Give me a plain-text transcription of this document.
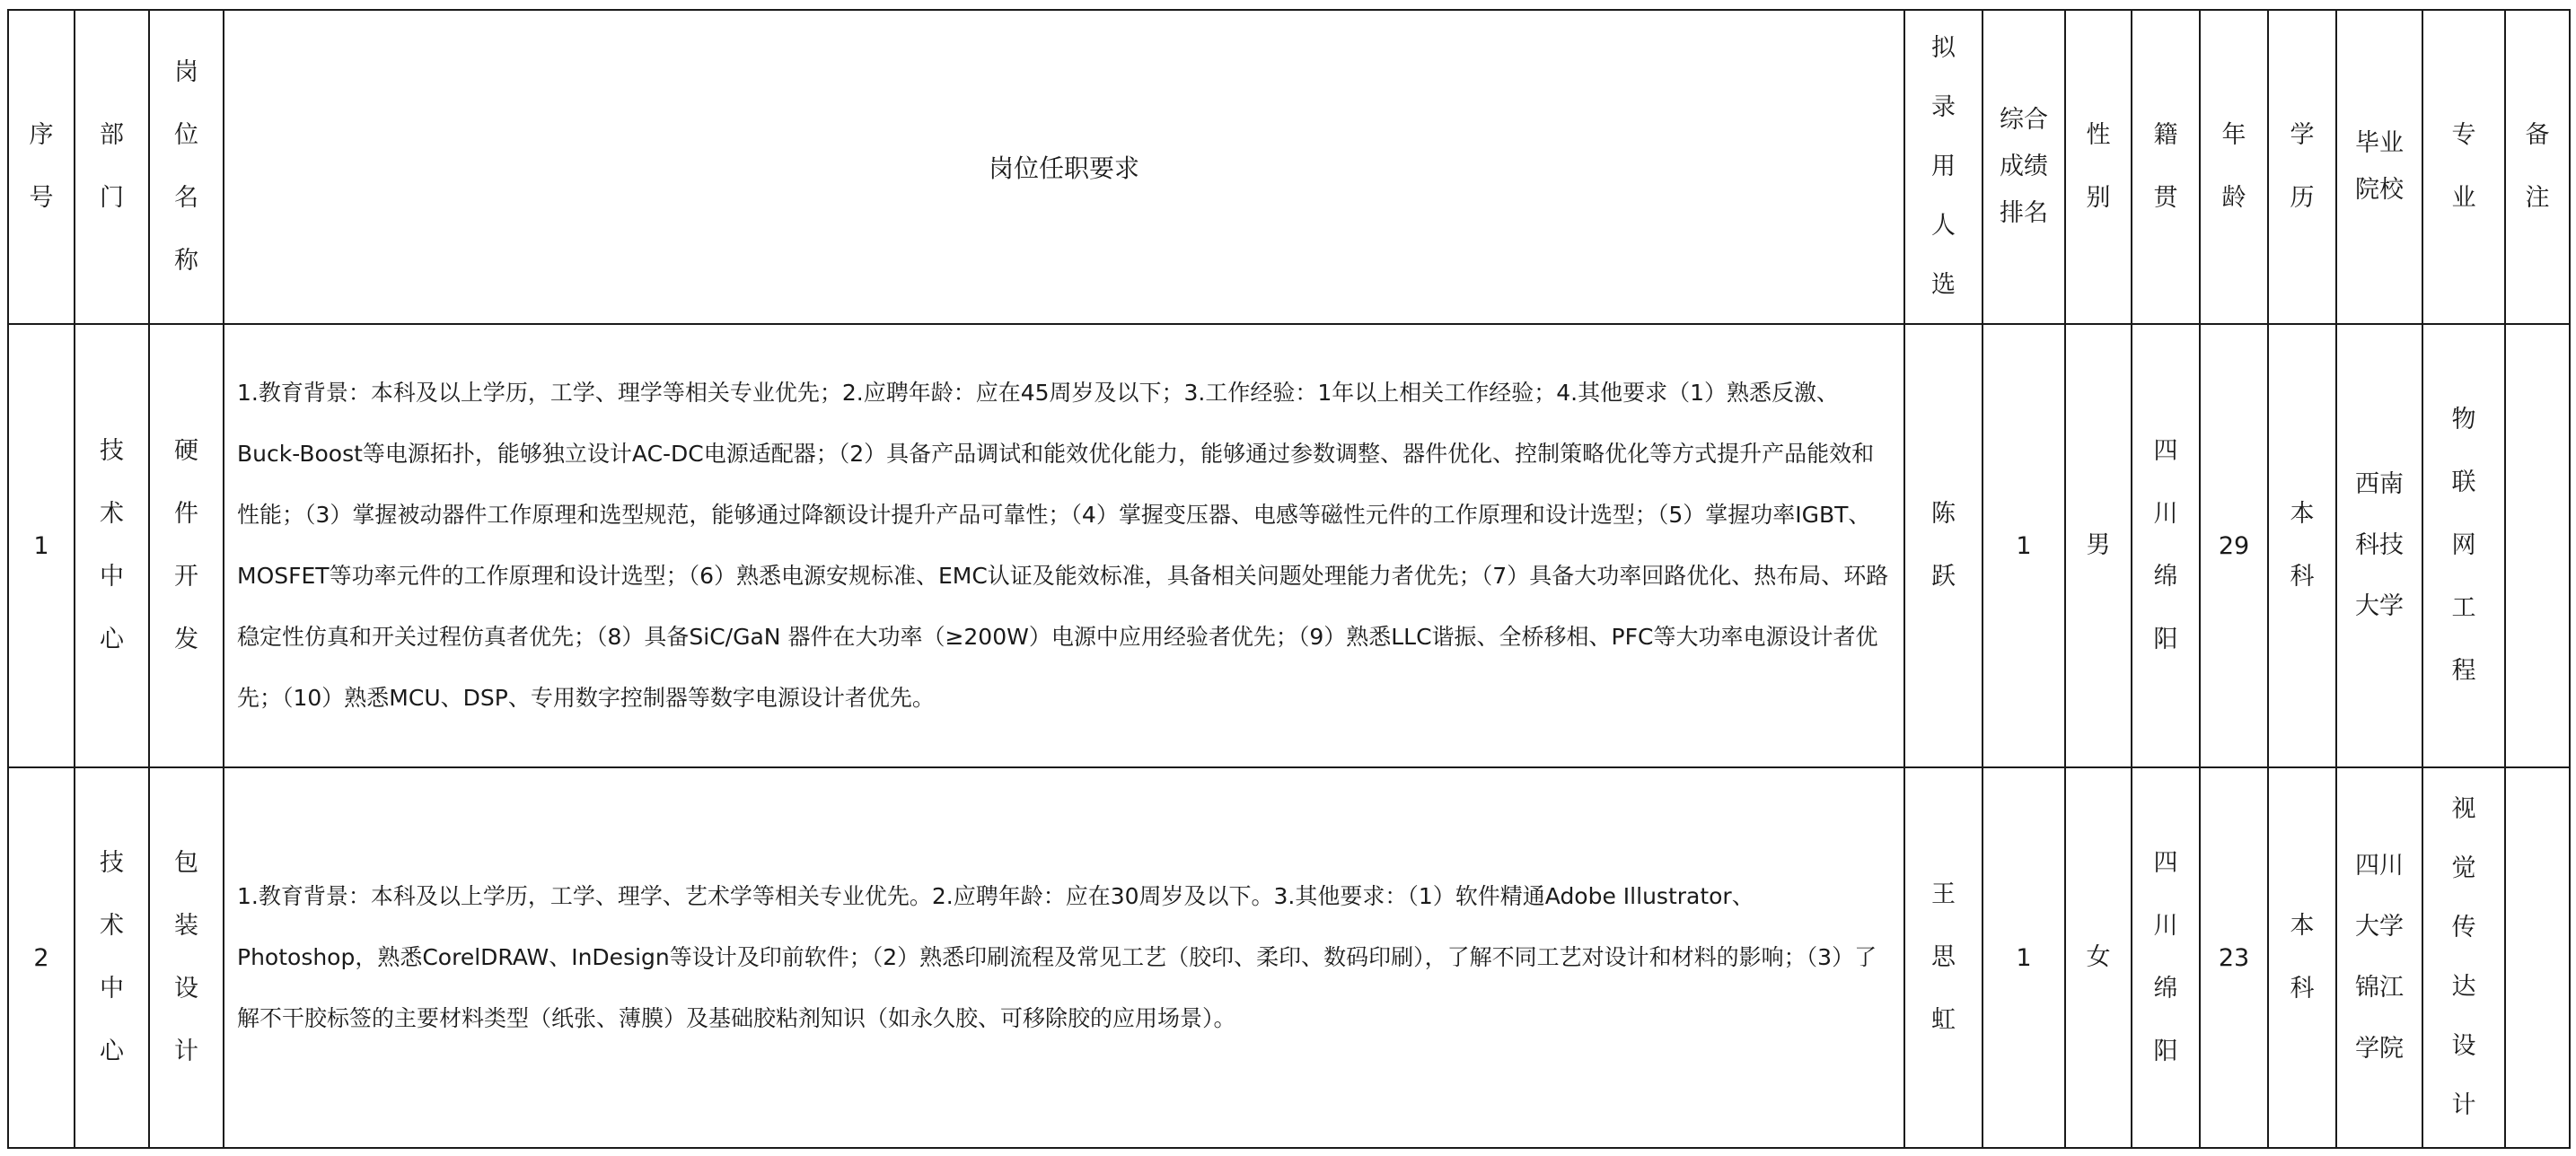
序号	部门	岗位名称	岗位任职要求	拟录用人选	综合成绩排名	性别	籍贯	年龄	学历	毕业院校	专业	备注
1	技术中心	硬件开发	1.教育背景：本科及以上学历，工学、理学等相关专业优先；2.应聘年龄：应在45周岁及以下；3.工作经验：1年以上相关工作经验；4.其他要求（1）熟悉反激、Buck-Boost等电源拓扑，能够独立设计AC-DC电源适配器；（2）具备产品调试和能效优化能力，能够通过参数调整、器件优化、控制策略优化等方式提升产品能效和性能；（3）掌握被动器件工作原理和选型规范，能够通过降额设计提升产品可靠性；（4）掌握变压器、电感等磁性元件的工作原理和设计选型；（5）掌握功率IGBT、MOSFET等功率元件的工作原理和设计选型；（6）熟悉电源安规标准、EMC认证及能效标准，具备相关问题处理能力者优先；（7）具备大功率回路优化、热布局、环路稳定性仿真和开关过程仿真者优先；（8）具备SiC/GaN 器件在大功率（≥200W）电源中应用经验者优先；（9）熟悉LLC谐振、全桥移相、PFC等大功率电源设计者优先；（10）熟悉MCU、DSP、专用数字控制器等数字电源设计者优先。	陈跃	1	男	四川绵阳	29	本科	西南科技大学	物联网工程	
2	技术中心	包装设计	1.教育背景：本科及以上学历，工学、理学、艺术学等相关专业优先。2.应聘年龄：应在30周岁及以下。3.其他要求：（1）软件精通Adobe Illustrator、Photoshop，熟悉CorelDRAW、InDesign等设计及印前软件；（2）熟悉印刷流程及常见工艺（胶印、柔印、数码印刷），了解不同工艺对设计和材料的影响；（3）了解不干胶标签的主要材料类型（纸张、薄膜）及基础胶粘剂知识（如永久胶、可移除胶的应用场景）。	王思虹	1	女	四川绵阳	23	本科	四川大学锦江学院	视觉传达设计	
